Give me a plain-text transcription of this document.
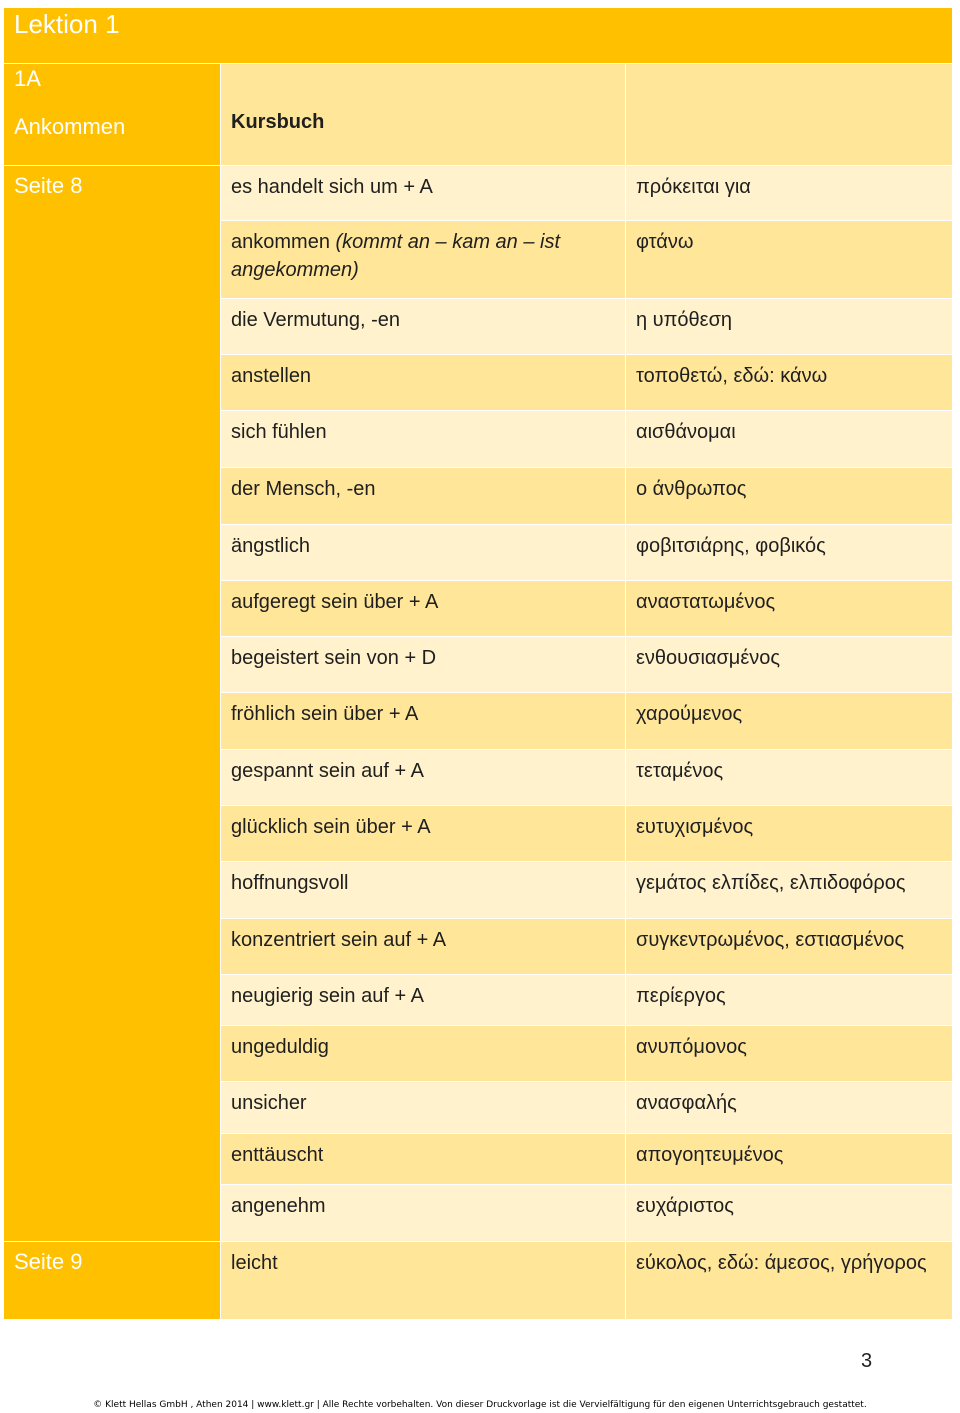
Lektion 1		

1A
Ankommen	Kursbuch	

Seite 8	es handelt sich um + A	πρόκειται για

	ankommen (kommt an – kam an – ist angekommen)	φτάνω

	die Vermutung, -en	η υπόθεση

	anstellen	τοποθετώ, εδώ: κάνω

	sich fühlen	αισθάνομαι

	der Mensch, -en	ο άνθρωπος

	ängstlich	φοβιτσιάρης, φοβικός

	aufgeregt sein über + A	αναστατωμένος

	begeistert sein von + D	ενθουσιασμένος

	fröhlich sein über + A	χαρούμενος

	gespannt sein auf + A	τεταμένος

	glücklich sein über + A	ευτυχισμένος

	hoffnungsvoll	γεμάτος ελπίδες, ελπιδοφόρος

	konzentriert sein auf + A	συγκεντρωμένος, εστιασμένος

	neugierig sein auf + A	περίεργος

	ungeduldig	ανυπόμονος

	unsicher	ανασφαλής

	enttäuscht	απογοητευμένος

	angenehm	ευχάριστος

Seite 9	leicht	εύκολος, εδώ: άμεσος, γρήγορος
3
© Klett Hellas GmbH , Athen 2014 | www.klett.gr | Alle Rechte vorbehalten. Von dieser Druckvorlage ist die Vervielfältigung für den eigenen Unterrichtsgebrauch gestattet.
